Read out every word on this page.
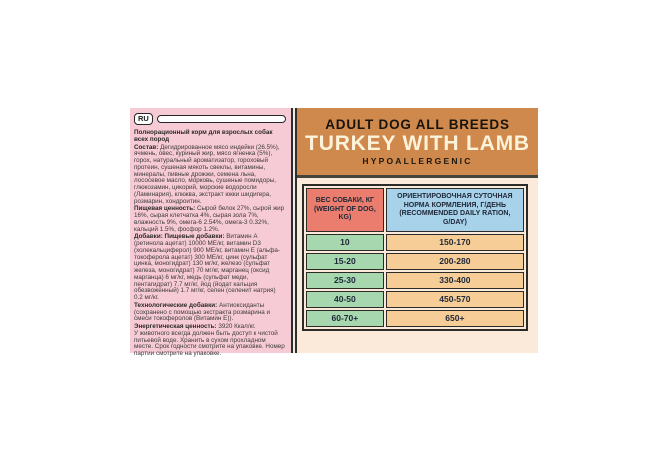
RU

Полнорационный корм для взрослых собак всех пород

Состав: Дегидрированное мясо индейки (26.5%), ячмень, овес, куриный жир, мясо ягненка (5%), горох, натуральный ароматизатор, гороховый протеин, сушеная мякоть свеклы, витамины, минералы, пивные дрожжи, семена льна, лососевое масло, морковь, сушеные помидоры, глюкозамин, цикорий, морские водоросли (Ламинария), клюква, экстракт юкки шидигера, розмарин, хондроитин.

Пищевая ценность: Сырой белок 27%, сырой жир 16%, сырая клетчатка 4%, сырая зола 7%, влажность 9%, омега-6 2.54%, омега-3 0.32%, кальций 1.5%, фосфор 1.2%.

Добавки: Пищевые добавки: Витамин А (ретинола ацетат) 10000 МЕ/кг, витамин D3 (холекальциферол) 900 МЕ/кг, витамин Е (альфа-токоферола ацетат) 300 МЕ/кг, цинк (сульфат цинка, моногидрат) 130 мг/кг, железо (сульфат железа, моногидрат) 70 мг/кг, марганец (оксид марганца) 6 мг/кг, медь (сульфат меди, пентагидрат) 7.7 мг/кг, йод (йодат кальция обезвоженный) 1.7 мг/кг, селен (селенит натрия) 0.2 мг/кг.

Технологические добавки: Антиоксиданты (сохранено с помощью экстракта розмарина и смеси токоферолов (Витамин Е)).

Энергетическая ценность: 3920 Ккал/кг.
У животного всегда должен быть доступ к чистой питьевой воде. Хранить в сухом прохладном месте. Срок годности смотрите на упаковке. Номер партии смотрите на упаковке.

ADULT DOG ALL BREEDS
TURKEY WITH LAMB
HYPOALLERGENIC
ВЕС СОБАКИ, КГ
(WEIGHT OF DOG, KG)	ОРИЕНТИРОВОЧНАЯ СУТОЧНАЯ НОРМА КОРМЛЕНИЯ, Г/ДЕНЬ
(RECOMMENDED DAILY RATION, G/DAY)
10	150-170
15-20	200-280
25-30	330-400
40-50	450-570
60-70+	650+
